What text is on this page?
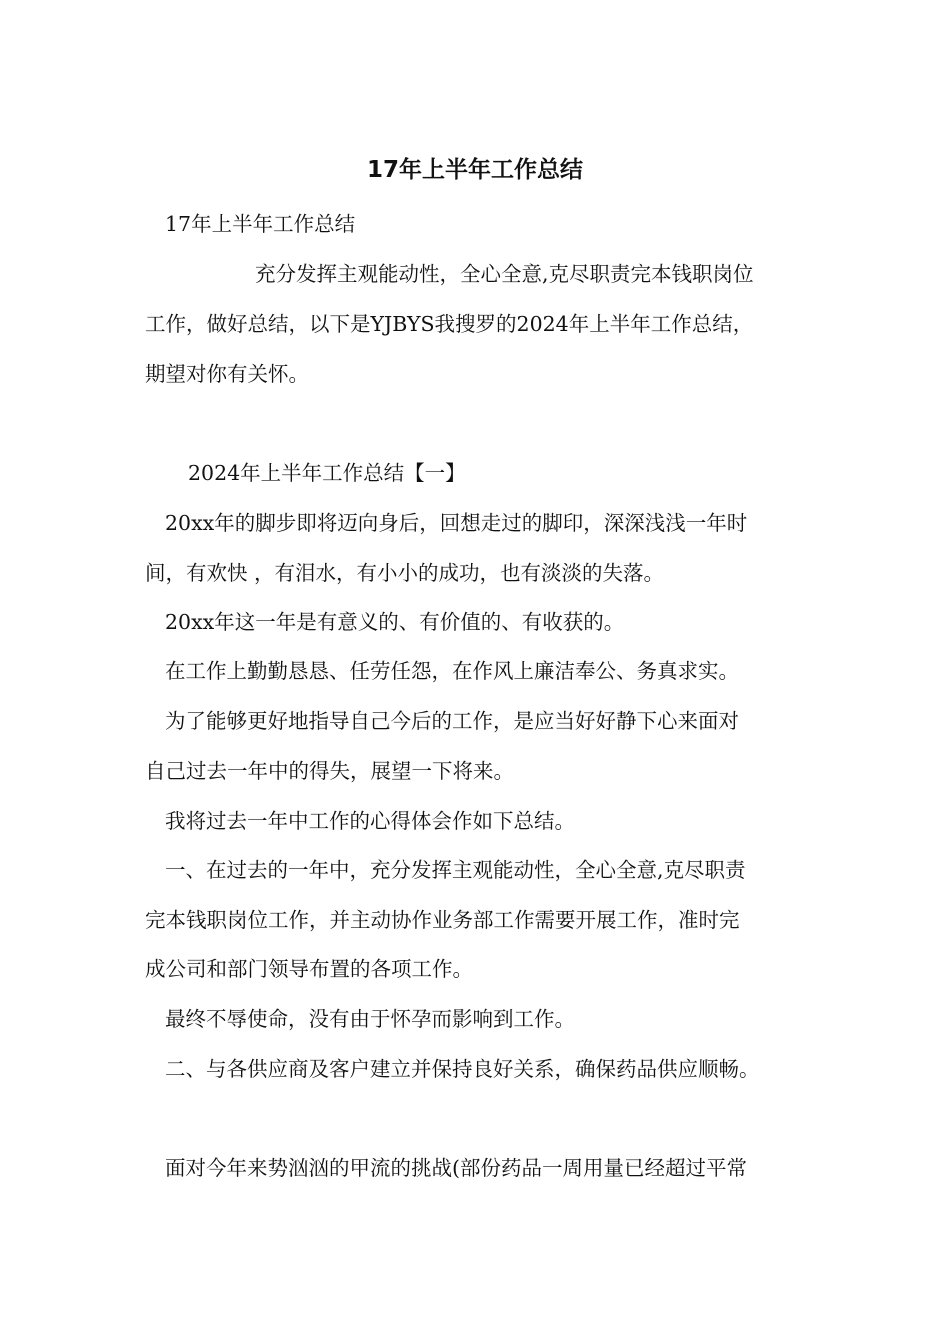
17年上半年工作总结

17年上半年工作总结

充分发挥主观能动性，全心全意,克尽职责完本钱职岗位

工作，做好总结，以下是YJBYS我搜罗的2024年上半年工作总结，

期望对你有关怀。

2024年上半年工作总结【一】

20xx年的脚步即将迈向身后，回想走过的脚印，深深浅浅一年时

间，有欢快 ，有泪水，有小小的成功，也有淡淡的失落。

20xx年这一年是有意义的、有价值的、有收获的。

在工作上勤勤恳恳、任劳任怨，在作风上廉洁奉公、务真求实。

为了能够更好地指导自己今后的工作，是应当好好静下心来面对

自己过去一年中的得失，展望一下将来。

我将过去一年中工作的心得体会作如下总结。

一、在过去的一年中，充分发挥主观能动性，全心全意,克尽职责

完本钱职岗位工作，并主动协作业务部工作需要开展工作，准时完

成公司和部门领导布置的各项工作。

最终不辱使命，没有由于怀孕而影响到工作。

二、与各供应商及客户建立并保持良好关系，确保药品供应顺畅。

面对今年来势汹汹的甲流的挑战(部份药品一周用量已经超过平常
